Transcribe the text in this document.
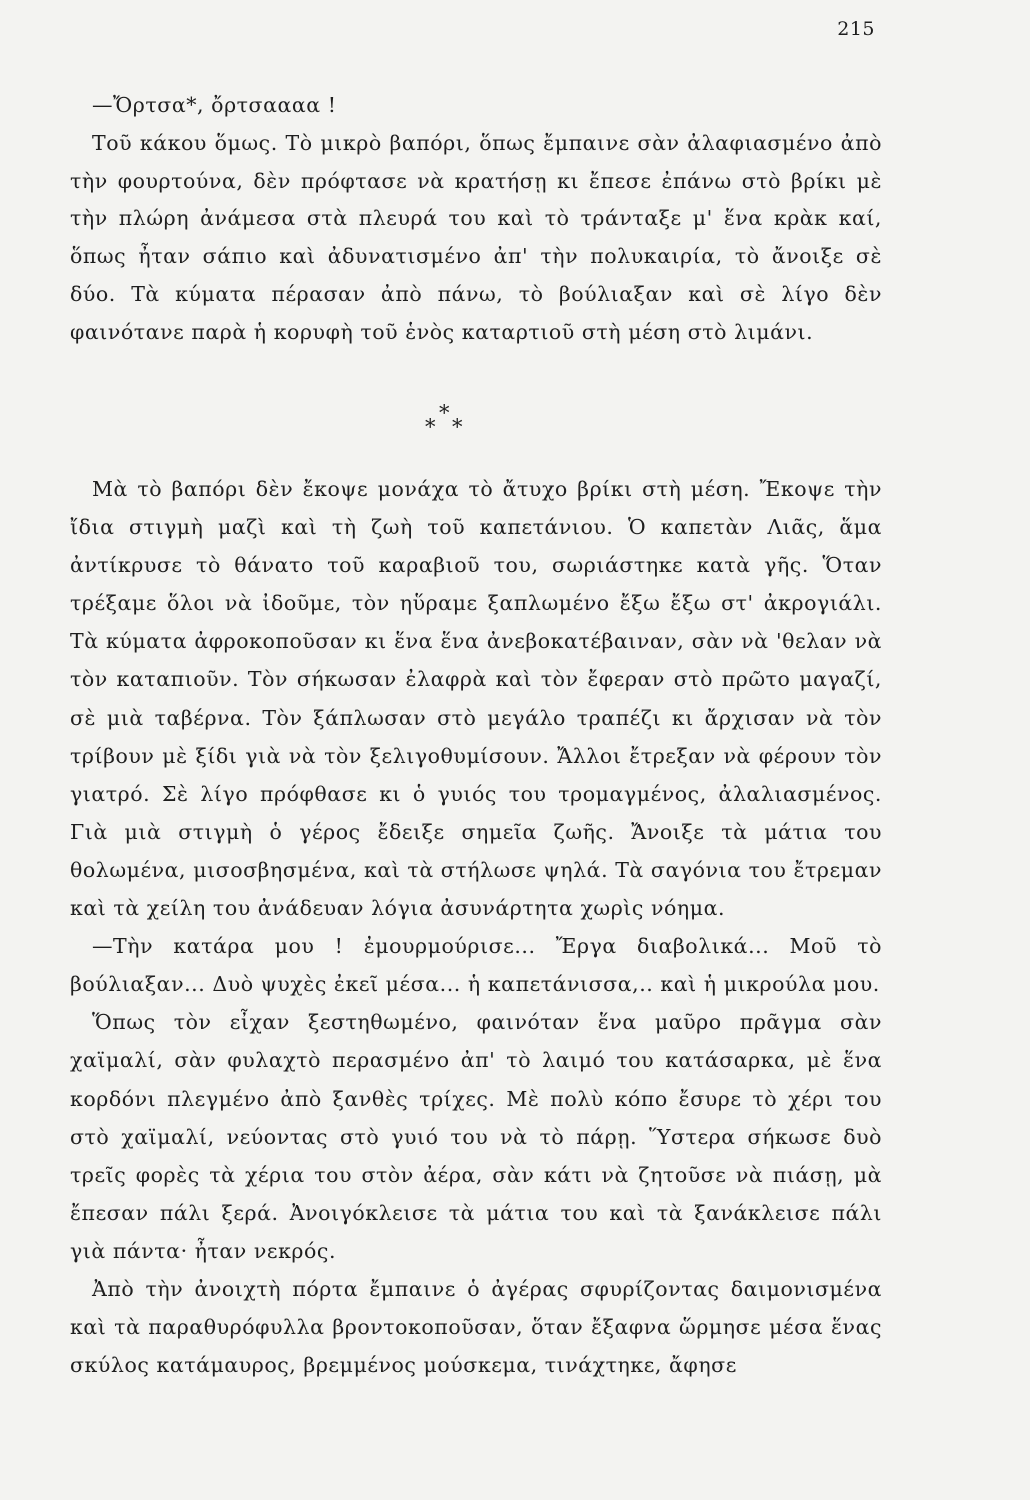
215

—Ὄρτσα*, ὄρτσαααα !

Τοῦ κάκου ὅμως. Τὸ μικρὸ βαπόρι, ὅπως ἔμπαινε σὰν ἀλαφιασμένο ἀπὸ τὴν φουρτούνα, δὲν πρόφτασε νὰ κρατήσῃ κι ἔπεσε ἐπάνω στὸ βρίκι μὲ τὴν πλώρη ἀνάμεσα στὰ πλευρά του καὶ τὸ τράνταξε μ' ἕνα κρὰκ καί, ὅπως ἦταν σάπιο καὶ ἀδυνατισμένο ἀπ' τὴν πολυκαιρία, τὸ ἄνοιξε σὲ δύο. Τὰ κύματα πέρασαν ἀπὸ πάνω, τὸ βούλιαξαν καὶ σὲ λίγο δὲν φαινότανε παρὰ ἡ κορυφὴ τοῦ ἑνὸς καταρτιοῦ στὴ μέση στὸ λιμάνι.

*
* *

Μὰ τὸ βαπόρι δὲν ἔκοψε μονάχα τὸ ἄτυχο βρίκι στὴ μέση. Ἔκοψε τὴν ἴδια στιγμὴ μαζὶ καὶ τὴ ζωὴ τοῦ καπετάνιου. Ὁ καπετὰν Λιᾶς, ἅμα ἀντίκρυσε τὸ θάνατο τοῦ καραβιοῦ του, σωριάστηκε κατὰ γῆς. Ὅταν τρέξαμε ὅλοι νὰ ἰδοῦμε, τὸν ηὕραμε ξαπλωμένο ἔξω ἔξω στ' ἀκρογιάλι. Τὰ κύματα ἀφροκοποῦσαν κι ἕνα ἕνα ἀνεβοκατέβαιναν, σὰν νὰ 'θελαν νὰ τὸν καταπιοῦν. Τὸν σήκωσαν ἐλαφρὰ καὶ τὸν ἔφεραν στὸ πρῶτο μαγαζί, σὲ μιὰ ταβέρνα. Τὸν ξάπλωσαν στὸ μεγάλο τραπέζι κι ἄρχισαν νὰ τὸν τρίβουν μὲ ξίδι γιὰ νὰ τὸν ξελιγοθυμίσουν. Ἄλλοι ἔτρεξαν νὰ φέρουν τὸν γιατρό. Σὲ λίγο πρόφθασε κι ὁ γυιός του τρομαγμένος, ἀλαλιασμένος. Γιὰ μιὰ στιγμὴ ὁ γέρος ἔδειξε σημεῖα ζωῆς. Ἄνοιξε τὰ μάτια του θολωμένα, μισοσβησμένα, καὶ τὰ στήλωσε ψηλά. Τὰ σαγόνια του ἔτρεμαν καὶ τὰ χείλη του ἀνάδευαν λόγια ἀσυνάρτητα χωρὶς νόημα.

—Τὴν κατάρα μου ! ἐμουρμούρισε... Ἔργα διαβολικά... Μοῦ τὸ βούλιαξαν... Δυὸ ψυχὲς ἐκεῖ μέσα... ἡ καπετάνισσα,.. καὶ ἡ μικρούλα μου.

Ὅπως τὸν εἶχαν ξεστηθωμένο, φαινόταν ἕνα μαῦρο πρᾶγμα σὰν χαϊμαλί, σὰν φυλαχτὸ περασμένο ἀπ' τὸ λαιμό του κατάσαρκα, μὲ ἕνα κορδόνι πλεγμένο ἀπὸ ξανθὲς τρίχες. Μὲ πολὺ κόπο ἔσυρε τὸ χέρι του στὸ χαϊμαλί, νεύοντας στὸ γυιό του νὰ τὸ πάρῃ. Ὕστερα σήκωσε δυὸ τρεῖς φορὲς τὰ χέρια του στὸν ἀέρα, σὰν κάτι νὰ ζητοῦσε νὰ πιάσῃ, μὰ ἔπεσαν πάλι ξερά. Ἀνοιγόκλεισε τὰ μάτια του καὶ τὰ ξανάκλεισε πάλι γιὰ πάντα· ἦταν νεκρός.

Ἀπὸ τὴν ἀνοιχτὴ πόρτα ἔμπαινε ὁ ἀγέρας σφυρίζοντας δαιμονισμένα καὶ τὰ παραθυρόφυλλα βροντοκοποῦσαν, ὅταν ἔξαφνα ὥρμησε μέσα ἕνας σκύλος κατάμαυρος, βρεμμένος μούσκεμα, τινάχτηκε, ἄφησε
